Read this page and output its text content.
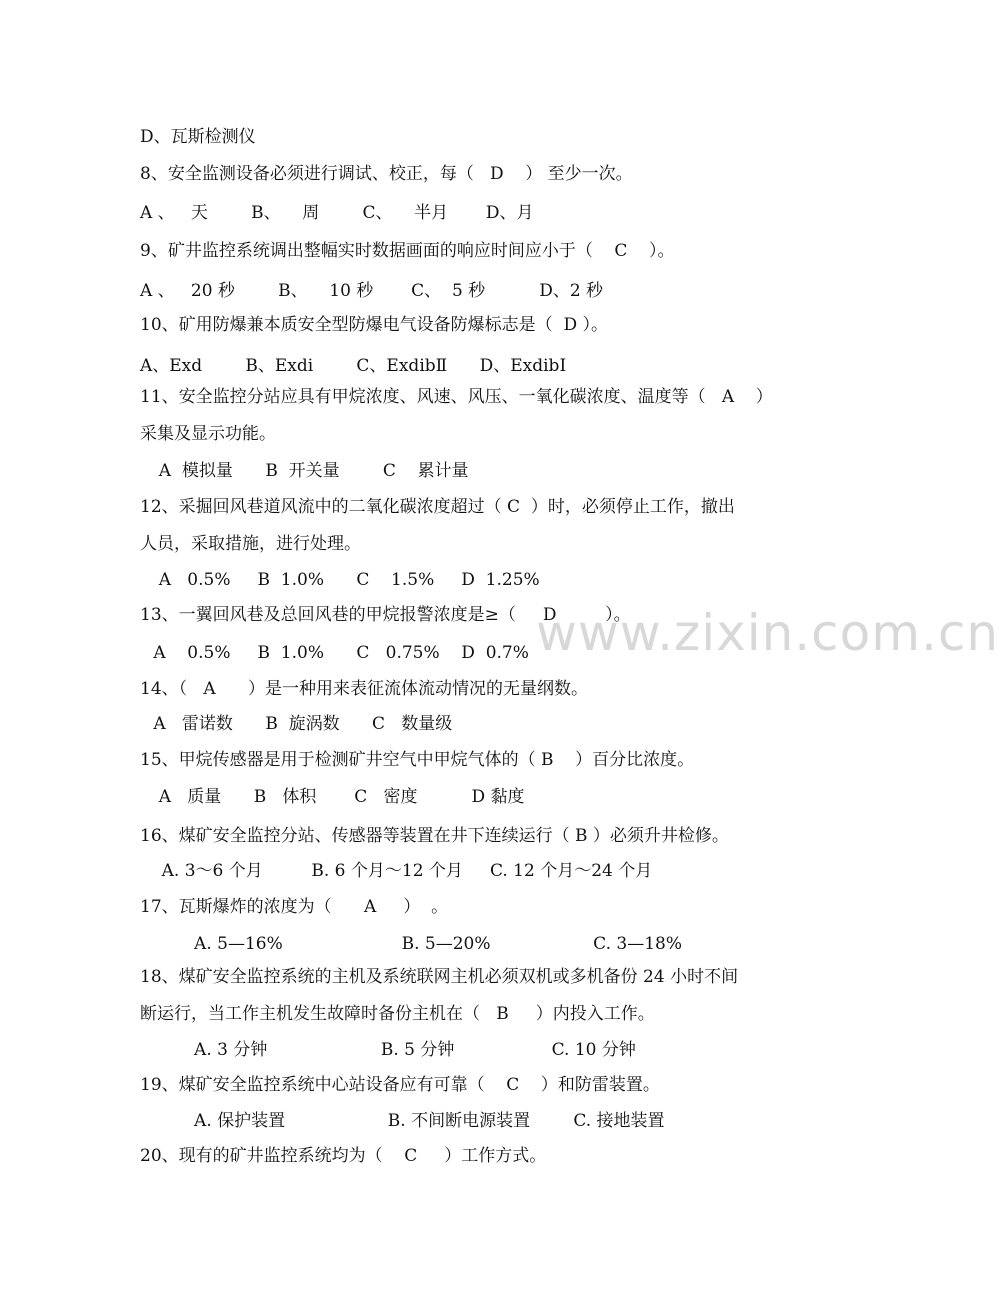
www.zixin.com.cn
D、瓦斯检测仪
8、安全监测设备必须进行调试、校正，每（   D    ） 至少一次。
A 、   天        B、    周        C、    半月       D、月
9、矿井监控系统调出整幅实时数据画面的响应时间应小于（    C    ）。
A 、   20 秒        B、    10 秒       C、  5 秒          D、2 秒
10、矿用防爆兼本质安全型防爆电气设备防爆标志是（  D ）。
A、Exd        B、Exdi        C、ExdibⅡ      D、ExdibⅠ
11、安全监控分站应具有甲烷浓度、风速、风压、一氧化碳浓度、温度等（   A    ）
采集及显示功能。
A  模拟量      B  开关量        C    累计量
12、采掘回风巷道风流中的二氧化碳浓度超过（ C  ）时，必须停止工作，撤出
人员，采取措施，进行处理。
A   0.5%     B  1.0%      C    1.5%     D  1.25%
13、一翼回风巷及总回风巷的甲烷报警浓度是≥（     D         ）。
A    0.5%     B  1.0%      C   0.75%    D  0.7%
14、（   A      ）是一种用来表征流体流动情况的无量纲数。
A   雷诺数      B  旋涡数      C   数量级
15、甲烷传感器是用于检测矿井空气中甲烷气体的（ B    ）百分比浓度。
A   质量      B   体积       C   密度          D 黏度
16、煤矿安全监控分站、传感器等装置在井下连续运行（ B ）必须升井检修。
A. 3～6 个月         B. 6 个月～12 个月     C. 12 个月～24 个月
17、瓦斯爆炸的浓度为（      A     ）  。
A. 5—16%                      B. 5—20%                   C. 3—18%
18、煤矿安全监控系统的主机及系统联网主机必须双机或多机备份 24 小时不间
断运行，当工作主机发生故障时备份主机在（   B     ）内投入工作。
A. 3 分钟                     B. 5 分钟                  C. 10 分钟
19、煤矿安全监控系统中心站设备应有可靠（    C    ）和防雷装置。
A. 保护装置                   B. 不间断电源装置        C. 接地装置
20、现有的矿井监控系统均为（    C     ）工作方式。
